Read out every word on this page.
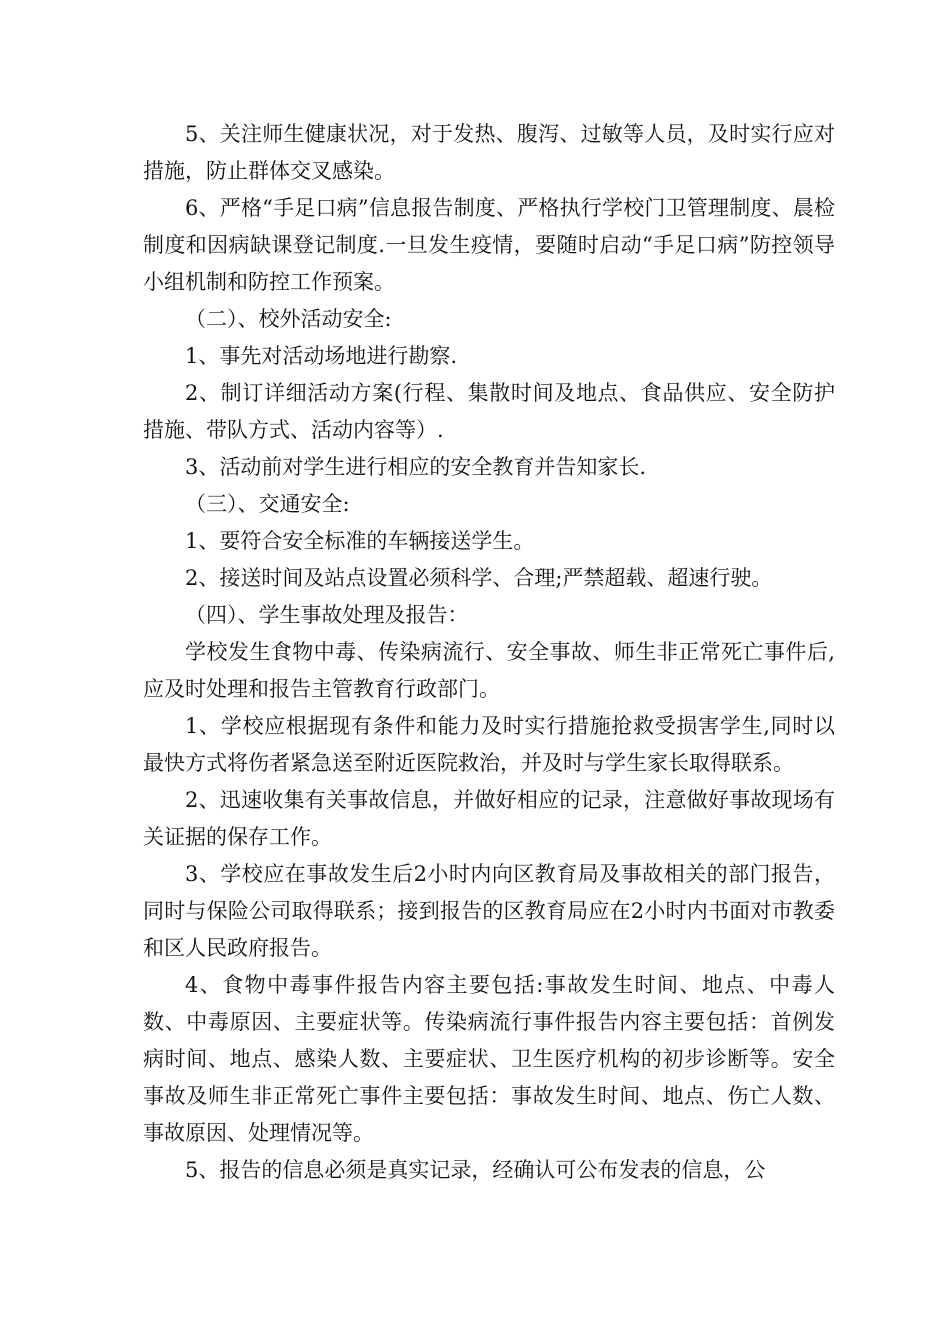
5、关注师生健康状况，对于发热、腹泻、过敏等人员，及时实行应对措施，防止群体交叉感染。

6、严格“手足口病”信息报告制度、严格执行学校门卫管理制度、晨检制度和因病缺课登记制度.一旦发生疫情，要随时启动“手足口病”防控领导小组机制和防控工作预案。

（二）、校外活动安全:

1、事先对活动场地进行勘察.

2、制订详细活动方案(行程、集散时间及地点、食品供应、安全防护措施、带队方式、活动内容等）.

3、活动前对学生进行相应的安全教育并告知家长.

（三）、交通安全:

1、要符合安全标准的车辆接送学生。

2、接送时间及站点设置必须科学、合理;严禁超载、超速行驶。

（四）、学生事故处理及报告：

学校发生食物中毒、传染病流行、安全事故、师生非正常死亡事件后,应及时处理和报告主管教育行政部门。

1、学校应根据现有条件和能力及时实行措施抢救受损害学生,同时以最快方式将伤者紧急送至附近医院救治，并及时与学生家长取得联系。

2、迅速收集有关事故信息，并做好相应的记录，注意做好事故现场有关证据的保存工作。

3、学校应在事故发生后2小时内向区教育局及事故相关的部门报告，同时与保险公司取得联系；接到报告的区教育局应在2小时内书面对市教委和区人民政府报告。

4、食物中毒事件报告内容主要包括:事故发生时间、地点、中毒人数、中毒原因、主要症状等。传染病流行事件报告内容主要包括：首例发病时间、地点、感染人数、主要症状、卫生医疗机构的初步诊断等。安全事故及师生非正常死亡事件主要包括：事故发生时间、地点、伤亡人数、事故原因、处理情况等。

5、报告的信息必须是真实记录，经确认可公布发表的信息，公
